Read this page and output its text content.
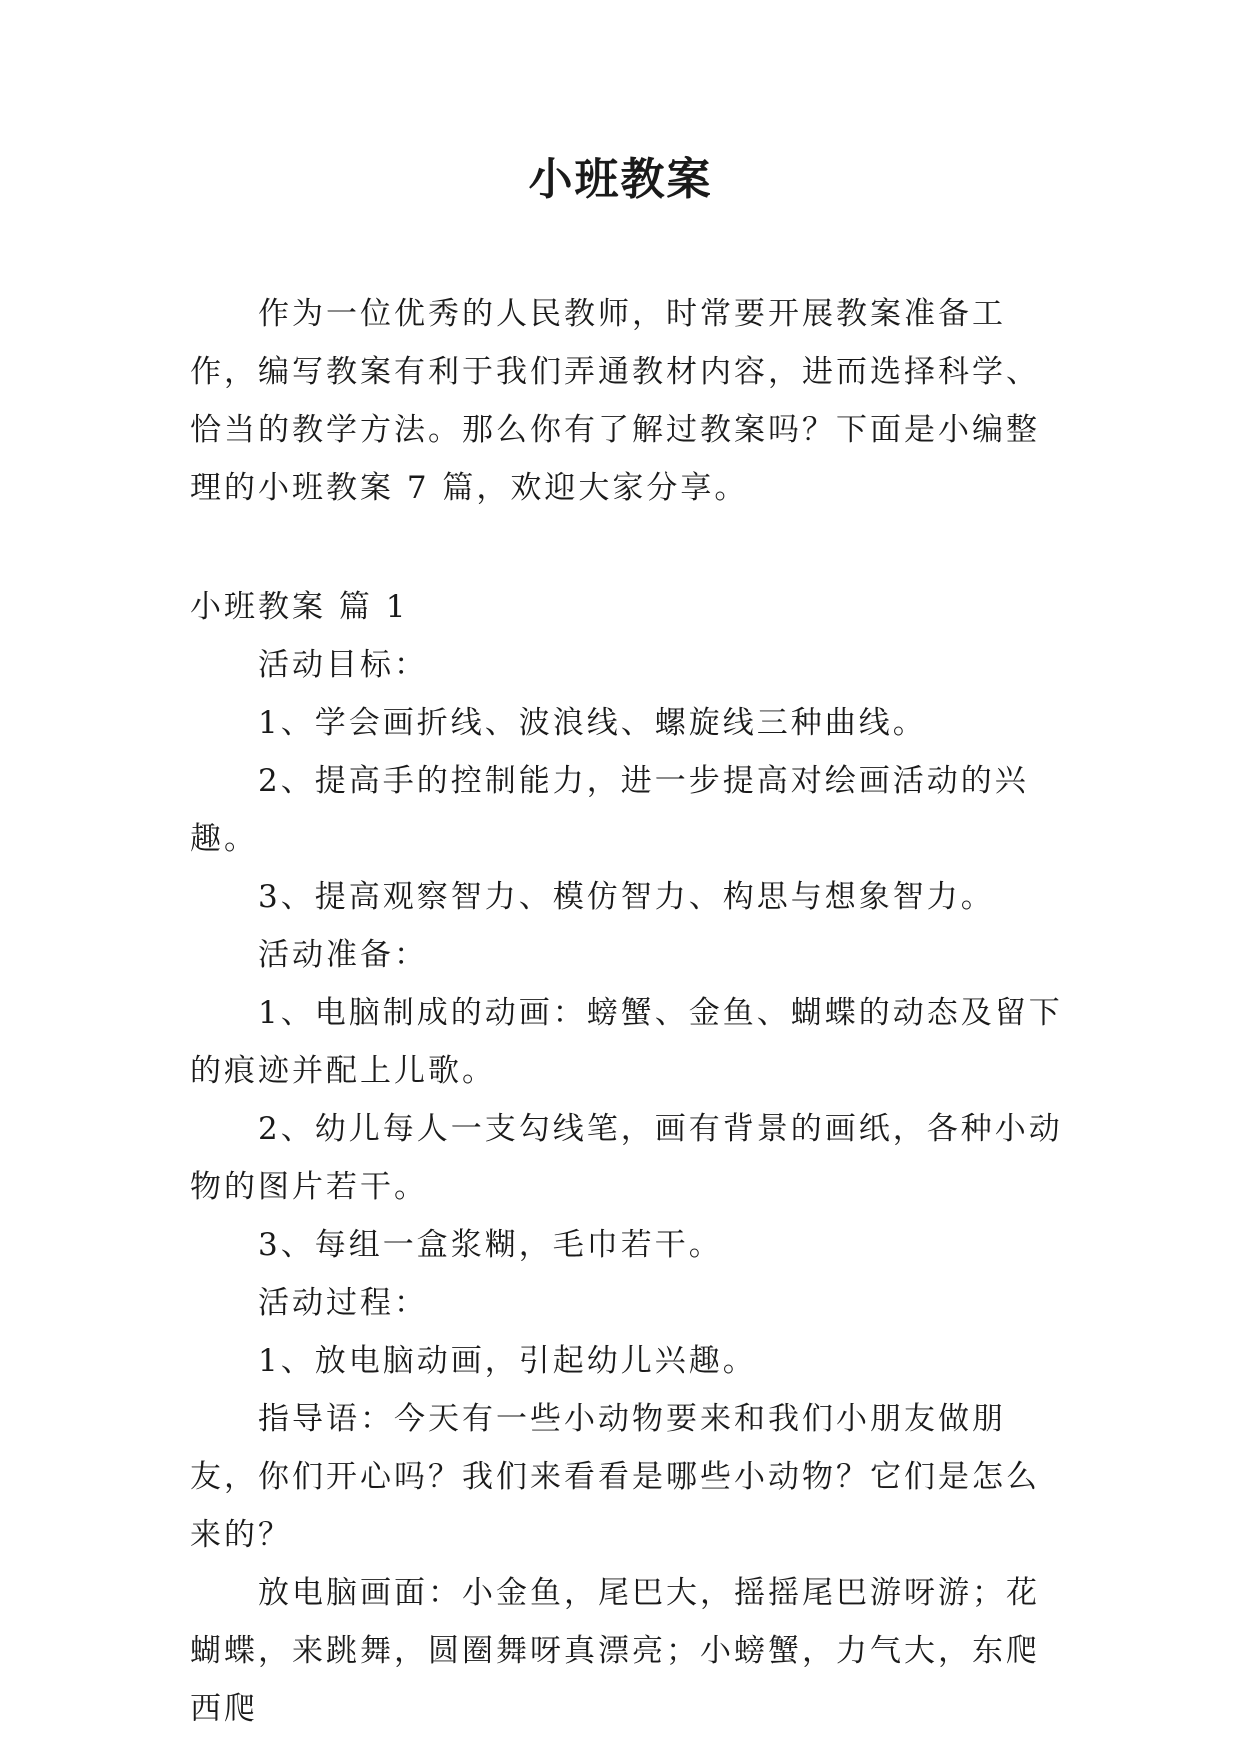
小班教案

作为一位优秀的人民教师，时常要开展教案准备工作，编写教案有利于我们弄通教材内容，进而选择科学、恰当的教学方法。那么你有了解过教案吗？下面是小编整理的小班教案 7 篇，欢迎大家分享。

小班教案 篇 1

活动目标：

1、学会画折线、波浪线、螺旋线三种曲线。

2、提高手的控制能力，进一步提高对绘画活动的兴趣。

3、提高观察智力、模仿智力、构思与想象智力。

活动准备：

1、电脑制成的动画：螃蟹、金鱼、蝴蝶的动态及留下的痕迹并配上儿歌。

2、幼儿每人一支勾线笔，画有背景的画纸，各种小动物的图片若干。

3、每组一盒浆糊，毛巾若干。

活动过程：

1、放电脑动画，引起幼儿兴趣。

指导语：今天有一些小动物要来和我们小朋友做朋友，你们开心吗？我们来看看是哪些小动物？它们是怎么来的？

放电脑画面：小金鱼，尾巴大，摇摇尾巴游呀游；花蝴蝶，来跳舞，圆圈舞呀真漂亮；小螃蟹，力气大，东爬西爬
